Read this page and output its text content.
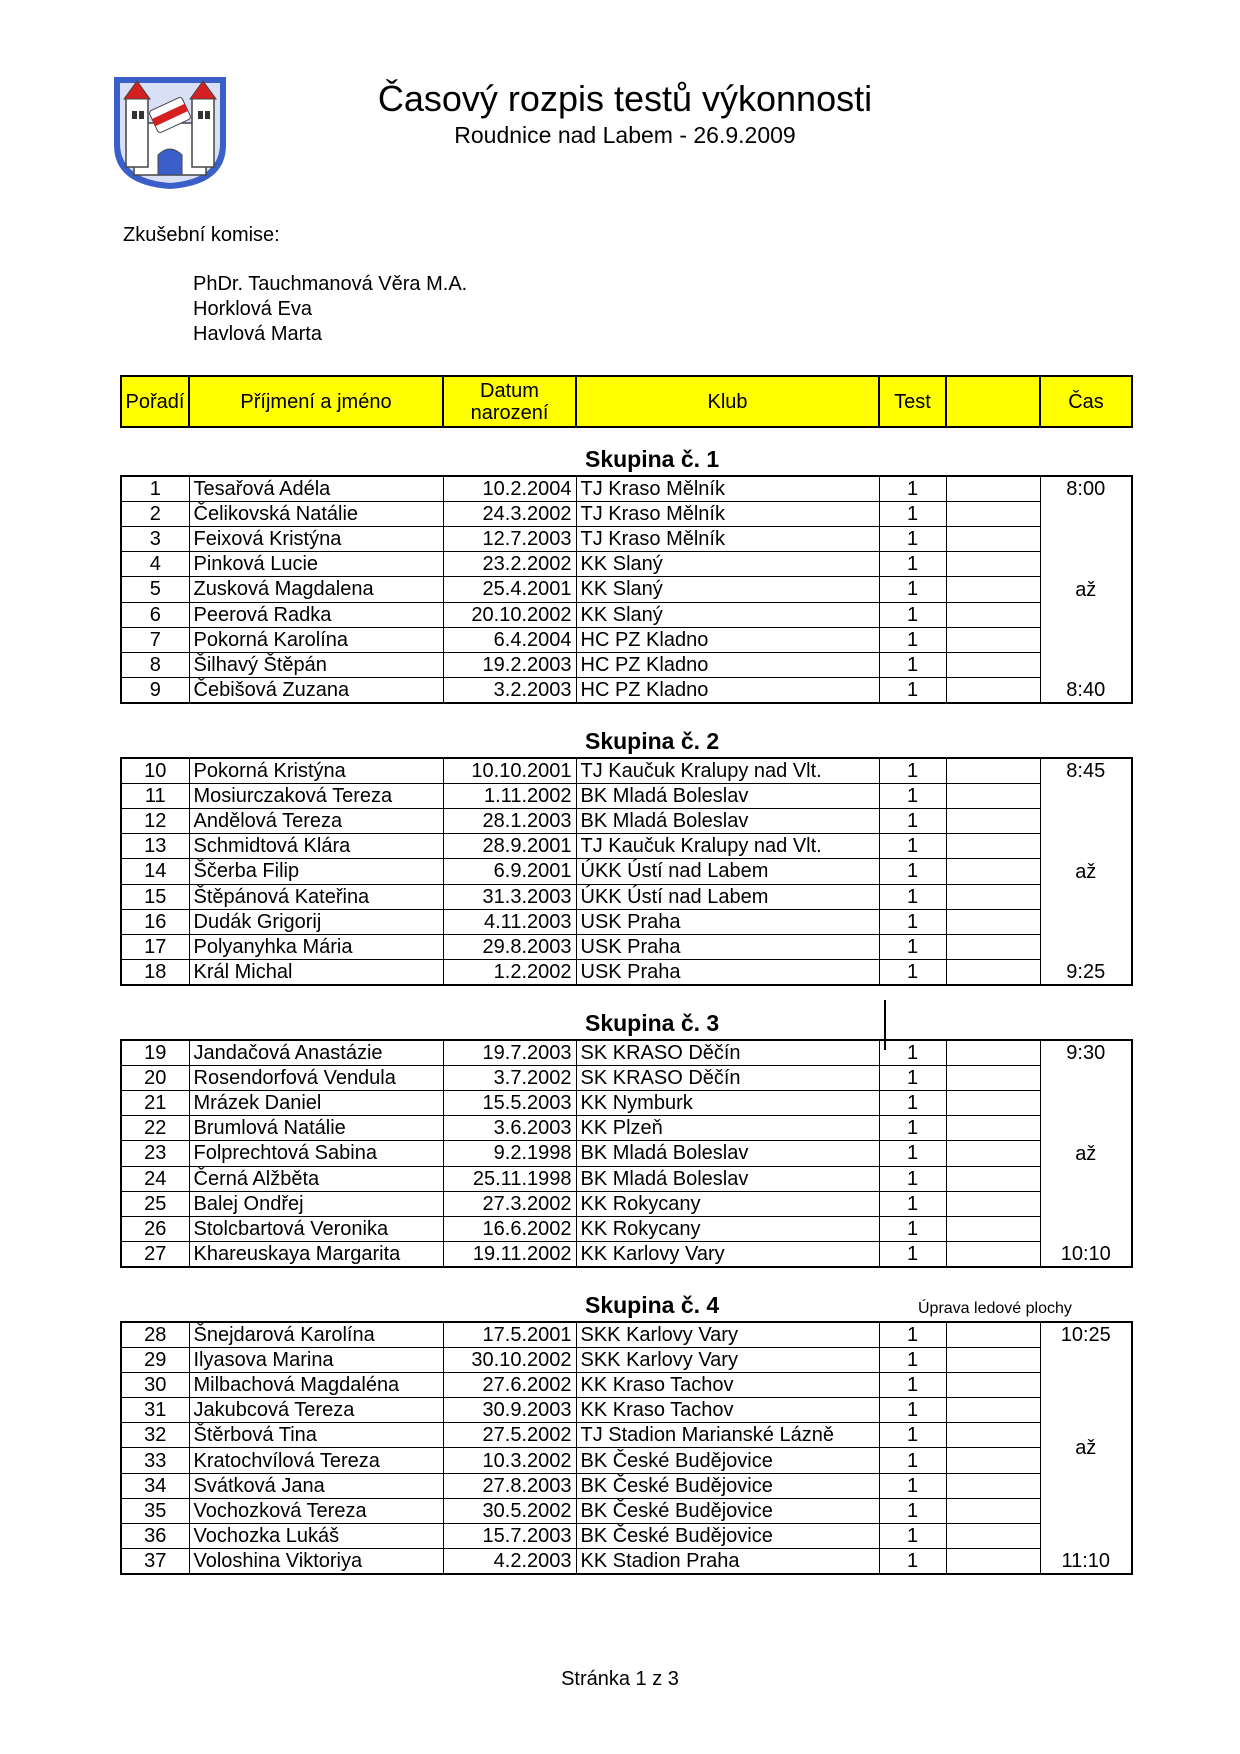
Časový rozpis testů výkonnosti
Roudnice nad Labem - 26.9.2009
Zkušební komise:
PhDr. Tauchmanová Věra M.A.
Horklová Eva
Havlová Marta
Pořadí	Příjmení a jméno	Datum
narození	Klub	Test		Čas
Skupina č. 1
1	Tesařová Adéla	10.2.2004	TJ Kraso Mělník	1		8:00
až
8:40

2	Čelikovská Natálie	24.3.2002	TJ Kraso Mělník	1		
3	Feixová Kristýna	12.7.2003	TJ Kraso Mělník	1		
4	Pinková Lucie	23.2.2002	KK Slaný	1		
5	Zusková Magdalena	25.4.2001	KK Slaný	1		
6	Peerová Radka	20.10.2002	KK Slaný	1		
7	Pokorná Karolína	6.4.2004	HC PZ Kladno	1		
8	Šilhavý Štěpán	19.2.2003	HC PZ Kladno	1		
9	Čebišová Zuzana	3.2.2003	HC PZ Kladno	1		
Skupina č. 2
10	Pokorná Kristýna	10.10.2001	TJ Kaučuk Kralupy nad Vlt.	1		8:45
až
9:25

11	Mosiurczaková Tereza	1.11.2002	BK Mladá Boleslav	1		
12	Andělová Tereza	28.1.2003	BK Mladá Boleslav	1		
13	Schmidtová Klára	28.9.2001	TJ Kaučuk Kralupy nad Vlt.	1		
14	Ščerba Filip	6.9.2001	ÚKK Ústí nad Labem	1		
15	Štěpánová Kateřina	31.3.2003	ÚKK Ústí nad Labem	1		
16	Dudák Grigorij	4.11.2003	USK Praha	1		
17	Polyanyhka Mária	29.8.2003	USK Praha	1		
18	Král Michal	1.2.2002	USK Praha	1		
Skupina č. 3
19	Jandačová Anastázie	19.7.2003	SK KRASO Děčín	1		9:30
až
10:10

20	Rosendorfová Vendula	3.7.2002	SK KRASO Děčín	1		
21	Mrázek Daniel	15.5.2003	KK Nymburk	1		
22	Brumlová Natálie	3.6.2003	KK Plzeň	1		
23	Folprechtová Sabina	9.2.1998	BK Mladá Boleslav	1		
24	Černá Alžběta	25.11.1998	BK Mladá Boleslav	1		
25	Balej Ondřej	27.3.2002	KK Rokycany	1		
26	Stolcbartová Veronika	16.6.2002	KK Rokycany	1		
27	Khareuskaya Margarita	19.11.2002	KK Karlovy Vary	1		
Skupina č. 4
28	Šnejdarová Karolína	17.5.2001	SKK Karlovy Vary	1		10:25
až
11:10

29	Ilyasova Marina	30.10.2002	SKK Karlovy Vary	1		
30	Milbachová Magdaléna	27.6.2002	KK Kraso Tachov	1		
31	Jakubcová Tereza	30.9.2003	KK Kraso Tachov	1		
32	Štěrbová Tina	27.5.2002	TJ Stadion Marianské Lázně	1		
33	Kratochvílová Tereza	10.3.2002	BK České Budějovice	1		
34	Svátková Jana	27.8.2003	BK České Budějovice	1		
35	Vochozková Tereza	30.5.2002	BK České Budějovice	1		
36	Vochozka Lukáš	15.7.2003	BK České Budějovice	1		
37	Voloshina Viktoriya	4.2.2003	KK Stadion Praha	1		
Úprava ledové plochy
Stránka 1 z 3
